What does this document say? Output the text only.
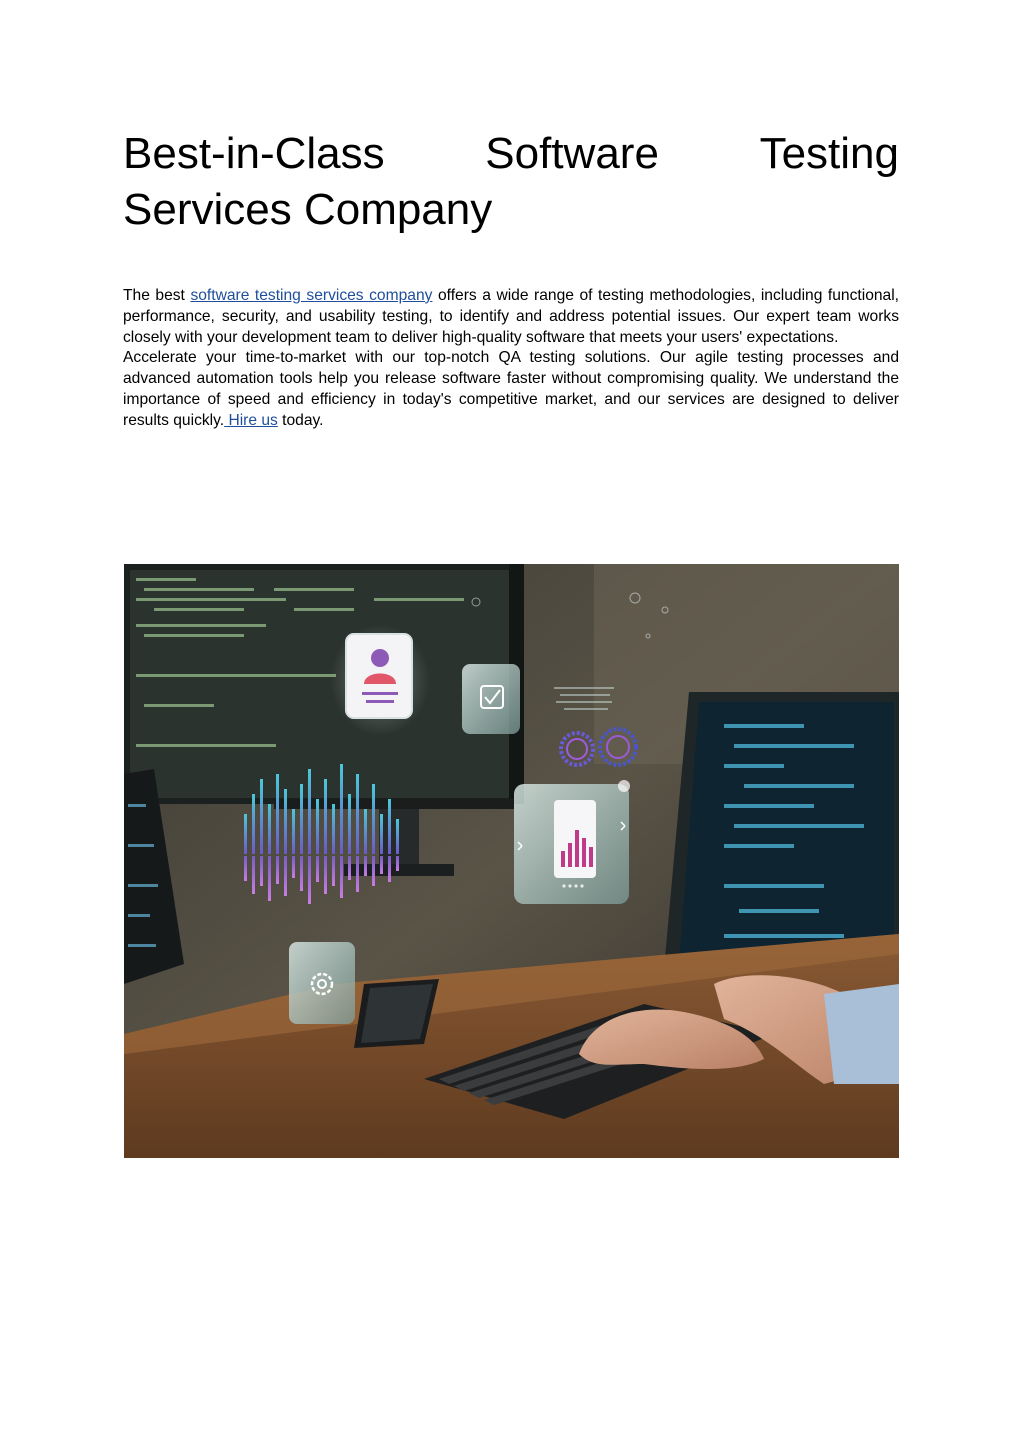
Best-in-Class Software Testing
Services Company

The best software testing services company offers a wide range of testing methodologies, including functional, performance, security, and usability testing, to identify and address potential issues. Our expert team works closely with your development team to deliver high-quality software that meets your users' expectations.

Accelerate your time-to-market with our top-notch QA testing solutions. Our agile testing processes and advanced automation tools help you release software faster without compromising quality. We understand the importance of speed and efficiency in today's competitive market, and our services are designed to deliver results quickly. Hire us today.
